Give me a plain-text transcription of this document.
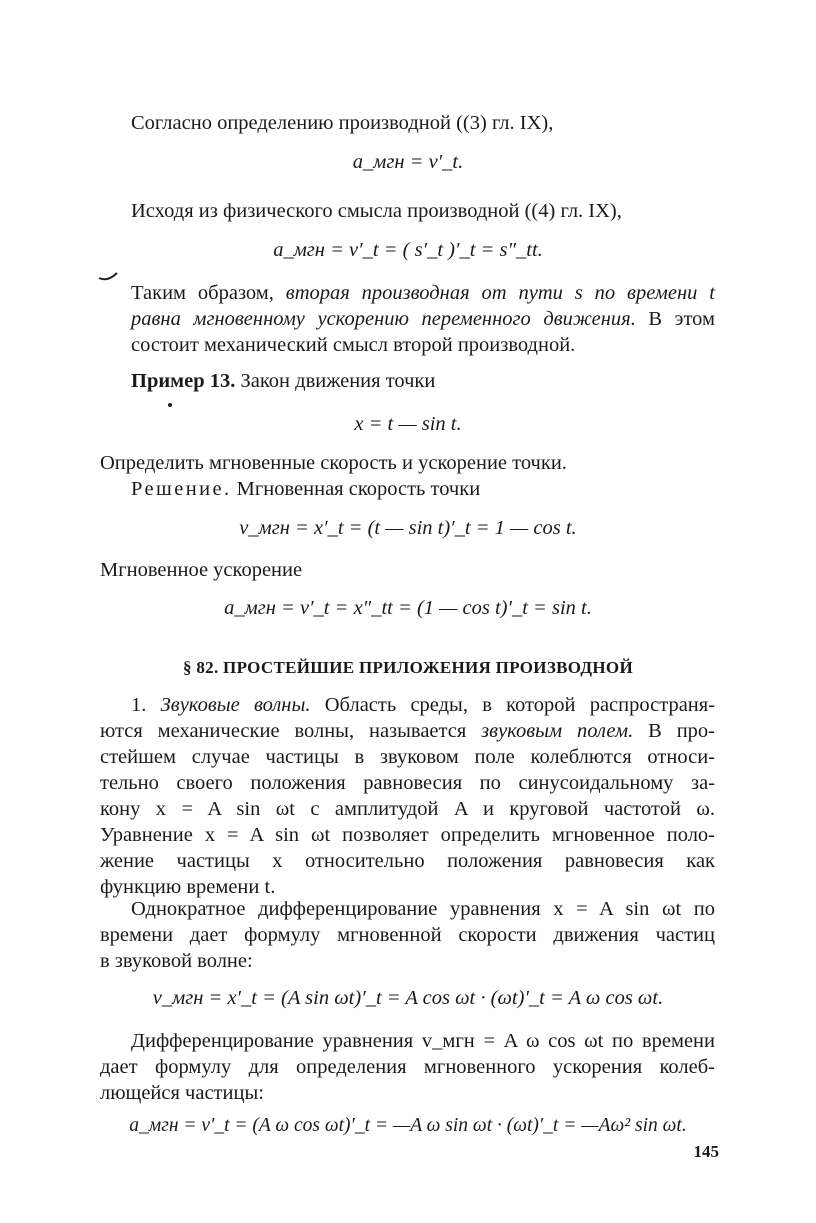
Согласно определению производной ((3) гл. IX),
a_мгн = v′_t.
Исходя из физического смысла производной ((4) гл. IX),
a_мгн = v′_t = ( s′_t )′_t = s″_tt.
Таким образом, вторая производная от пути s по времени t
равна мгновенному ускорению переменного движения. В этом
состоит механический смысл второй производной.
Пример 13. Закон движения точки
x = t — sin t.
Определить мгновенные скорость и ускорение точки.
Решение. Мгновенная скорость точки
v_мгн = x′_t = (t — sin t)′_t = 1 — cos t.
Мгновенное ускорение
a_мгн = v′_t = x″_tt = (1 — cos t)′_t = sin t.
§ 82. ПРОСТЕЙШИЕ ПРИЛОЖЕНИЯ ПРОИЗВОДНОЙ
1. Звуковые волны. Область среды, в которой распространя-
ются механические волны, называется звуковым полем. В про-
стейшем случае частицы в звуковом поле колеблются относи-
тельно своего положения равновесия по синусоидальному за-
кону x = A sin ωt с амплитудой A и круговой частотой ω.
Уравнение x = A sin ωt позволяет определить мгновенное поло-
жение частицы x относительно положения равновесия как
функцию времени t.
Однократное дифференцирование уравнения x = A sin ωt по
времени дает формулу мгновенной скорости движения частиц
в звуковой волне:
v_мгн = x′_t = (A sin ωt)′_t = A cos ωt · (ωt)′_t = A ω cos ωt.
Дифференцирование уравнения v_мгн = A ω cos ωt по времени
дает формулу для определения мгновенного ускорения колеб-
лющейся частицы:
a_мгн = v′_t = (A ω cos ωt)′_t = —A ω sin ωt · (ωt)′_t = —Aω² sin ωt.
145
